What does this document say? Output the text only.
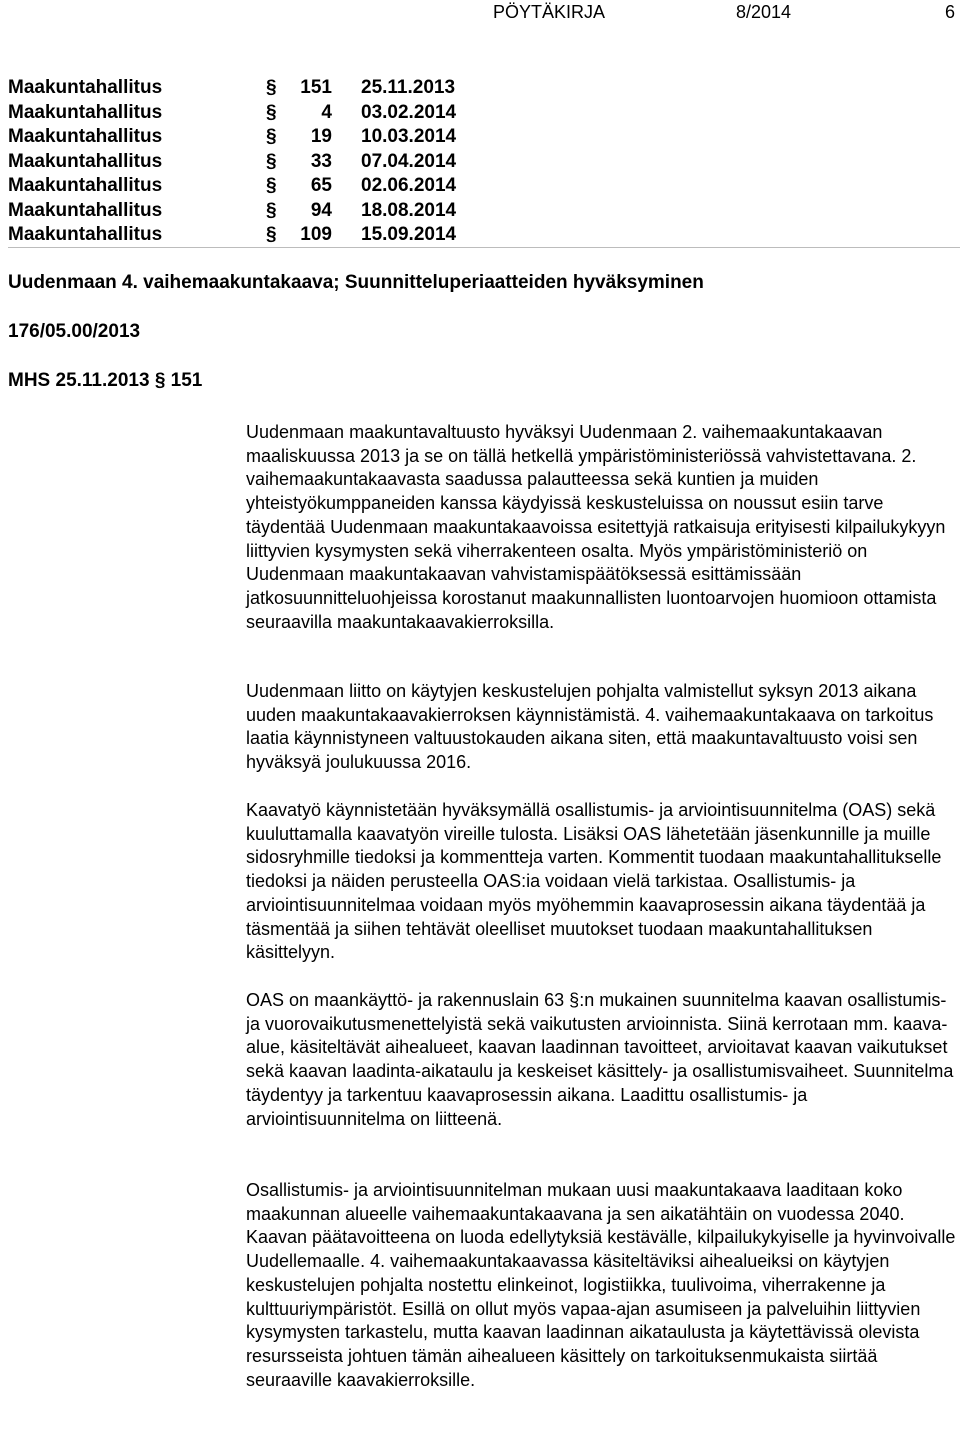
PÖYTÄKIRJA	8/2014	6
Maakuntahallitus	§	151 25.11.2013
Maakuntahallitus	§	4 03.02.2014
Maakuntahallitus	§	19 10.03.2014
Maakuntahallitus	§	33 07.04.2014
Maakuntahallitus	§	65 02.06.2014
Maakuntahallitus	§	94 18.08.2014
Maakuntahallitus	§	109 15.09.2014
Uudenmaan 4. vaihemaakuntakaava; Suunnitteluperiaatteiden hyväksyminen
176/05.00/2013
MHS 25.11.2013 § 151

Uudenmaan maakuntavaltuusto hyväksyi Uudenmaan 2. vaihemaakuntakaavan maaliskuussa 2013 ja se on tällä hetkellä ympäristöministeriössä vahvistettavana. 2. vaihemaakuntakaavasta saadussa palautteessa sekä kuntien ja muiden yhteistyökumppaneiden kanssa käydyissä keskusteluissa on noussut esiin tarve täydentää Uudenmaan maakuntakaavoissa esitettyjä ratkaisuja erityisesti kilpailukykyyn liittyvien kysymysten sekä viherrakenteen osalta. Myös ympäristöministeriö on Uudenmaan maakuntakaavan vahvistamispäätöksessä esittämissään jatkosuunnitteluohjeissa korostanut maakunnallisten luontoarvojen huomioon ottamista seuraavilla maakuntakaavakierroksilla.

Uudenmaan liitto on käytyjen keskustelujen pohjalta valmistellut syksyn 2013 aikana uuden maakuntakaavakierroksen käynnistämistä. 4. vaihemaakuntakaava on tarkoitus laatia käynnistyneen valtuustokauden aikana siten, että maakuntavaltuusto voisi sen hyväksyä joulukuussa 2016.

Kaavatyö käynnistetään hyväksymällä osallistumis- ja arviointisuunnitelma (OAS) sekä kuuluttamalla kaavatyön vireille tulosta. Lisäksi OAS lähetetään jäsenkunnille ja muille sidosryhmille tiedoksi ja kommentteja varten. Kommentit tuodaan maakuntahallitukselle tiedoksi ja näiden perusteella OAS:ia voidaan vielä tarkistaa. Osallistumis- ja arviointisuunnitelmaa voidaan myös myöhemmin kaavaprosessin aikana täydentää ja täsmentää ja siihen tehtävät oleelliset muutokset tuodaan maakuntahallituksen käsittelyyn.

OAS on maankäyttö- ja rakennuslain 63 §:n mukainen suunnitelma kaavan osallistumis- ja vuorovaikutusmenettelyistä sekä vaikutusten arvioinnista. Siinä kerrotaan mm. kaava-alue, käsiteltävät aihealueet, kaavan laadinnan tavoitteet, arvioitavat kaavan vaikutukset sekä kaavan laadinta-aikataulu ja keskeiset käsittely- ja osallistumisvaiheet. Suunnitelma täydentyy ja tarkentuu kaavaprosessin aikana. Laadittu osallistumis- ja arviointisuunnitelma on liitteenä.

Osallistumis- ja arviointisuunnitelman mukaan uusi maakuntakaava laaditaan koko maakunnan alueelle vaihemaakuntakaavana ja sen aikatähtäin on vuodessa 2040. Kaavan päätavoitteena on luoda edellytyksiä kestävälle, kilpailukykyiselle ja hyvinvoivalle Uudellemaalle. 4. vaihemaakuntakaavassa käsiteltäviksi aihealueiksi on käytyjen keskustelujen pohjalta nostettu elinkeinot, logistiikka, tuulivoima, viherrakenne ja kulttuuriympäristöt. Esillä on ollut myös vapaa-ajan asumiseen ja palveluihin liittyvien kysymysten tarkastelu, mutta kaavan laadinnan aikataulusta ja käytettävissä olevista resursseista johtuen tämän aihealueen käsittely on tarkoituksenmukaista siirtää seuraaville kaavakierroksille.
